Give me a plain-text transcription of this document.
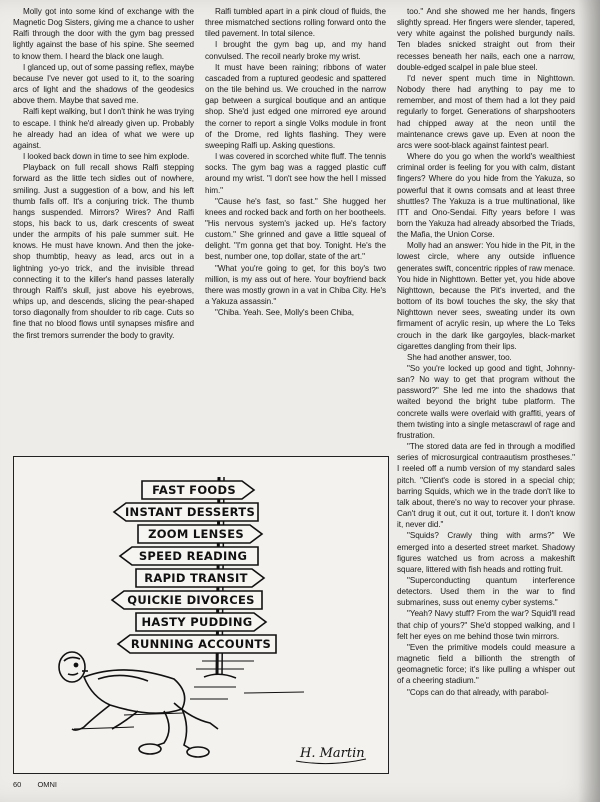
Molly got into some kind of exchange with the Magnetic Dog Sisters, giving me a chance to usher Ralfi through the door with the gym bag pressed lightly against the base of his spine. She seemed to know them. I heard the black one laugh.

I glanced up, out of some passing reflex, maybe because I've never got used to it, to the soaring arcs of light and the shadows of the geodesics above them. Maybe that saved me.

Ralfi kept walking, but I don't think he was trying to escape. I think he'd already given up. Probably he already had an idea of what we were up against.

I looked back down in time to see him explode.

Playback on full recall shows Ralfi stepping forward as the little tech sidles out of nowhere, smiling. Just a suggestion of a bow, and his left thumb falls off. It's a conjuring trick. The thumb hangs suspended. Mirrors? Wires? And Ralfi stops, his back to us, dark crescents of sweat under the armpits of his pale summer suit. He knows. He must have known. And then the joke-shop thumbtip, heavy as lead, arcs out in a lightning yo-yo trick, and the invisible thread connecting it to the killer's hand passes laterally through Ralfi's skull, just above his eyebrows, whips up, and descends, slicing the pear-shaped torso diagonally from shoulder to rib cage. Cuts so fine that no blood flows until synapses misfire and the first tremors surrender the body to gravity.

Ralfi tumbled apart in a pink cloud of fluids, the three mismatched sections rolling forward onto the tiled pavement. In total silence.

I brought the gym bag up, and my hand convulsed. The recoil nearly broke my wrist.

It must have been raining; ribbons of water cascaded from a ruptured geodesic and spattered on the tile behind us. We crouched in the narrow gap between a surgical boutique and an antique shop. She'd just edged one mirrored eye around the corner to report a single Volks module in front of the Drome, red lights flashing. They were sweeping Ralfi up. Asking questions.

I was covered in scorched white fluff. The tennis socks. The gym bag was a ragged plastic cuff around my wrist. "I don't see how the hell I missed him."

"Cause he's fast, so fast." She hugged her knees and rocked back and forth on her bootheels. "His nervous system's jacked up. He's factory custom." She grinned and gave a little squeal of delight. "I'm gonna get that boy. Tonight. He's the best, number one, top dollar, state of the art."

"What you're going to get, for this boy's two million, is my ass out of here. Your boyfriend back there was mostly grown in a vat in Chiba City. He's a Yakuza assassin."

"Chiba. Yeah. See, Molly's been Chiba,

too." And she showed me her hands, fingers slightly spread. Her fingers were slender, tapered, very white against the polished burgundy nails. Ten blades snicked straight out from their recesses beneath her nails, each one a narrow, double-edged scalpel in pale blue steel.

I'd never spent much time in Nighttown. Nobody there had anything to pay me to remember, and most of them had a lot they paid regularly to forget. Generations of sharpshooters had chipped away at the neon until the maintenance crews gave up. Even at noon the arcs were soot-black against faintest pearl.

Where do you go when the world's wealthiest criminal order is feeling for you with calm, distant fingers? Where do you hide from the Yakuza, so powerful that it owns comsats and at least three shuttles? The Yakuza is a true multinational, like ITT and Ono-Sendai. Fifty years before I was born the Yakuza had already absorbed the Triads, the Mafia, the Union Corse.

Molly had an answer: You hide in the Pit, in the lowest circle, where any outside influence generates swift, concentric ripples of raw menace. You hide in Nighttown. Better yet, you hide above Nighttown, because the Pit's inverted, and the bottom of its bowl touches the sky, the sky that Nighttown never sees, sweating under its own firmament of acrylic resin, up where the Lo Teks crouch in the dark like gargoyles, black-market cigarettes dangling from their lips.

She had another answer, too.

"So you're locked up good and tight, Johnny-san? No way to get that program without the password?" She led me into the shadows that waited beyond the bright tube platform. The concrete walls were overlaid with graffiti, years of them twisting into a single metascrawl of rage and frustration.

"The stored data are fed in through a modified series of microsurgical contraautism prostheses." I reeled off a numb version of my standard sales pitch. "Client's code is stored in a special chip; barring Squids, which we in the trade don't like to talk about, there's no way to recover your phrase. Can't drug it out, cut it out, torture it. I don't know it, never did."

"Squids? Crawly thing with arms?" We emerged into a deserted street market. Shadowy figures watched us from across a makeshift square, littered with fish heads and rotting fruit.

"Superconducting quantum interference detectors. Used them in the war to find submarines, suss out enemy cyber systems."

"Yeah? Navy stuff? From the war? Squid'll read that chip of yours?" She'd stopped walking, and I felt her eyes on me behind those twin mirrors.

"Even the primitive models could measure a magnetic field a billionth the strength of geomagnetic force; it's like pulling a whisper out of a cheering stadium."

"Cops can do that already, with parabol-

FAST FOODS
INSTANT DESSERTS
ZOOM LENSES
SPEED READING
RAPID TRANSIT
QUICKIE DIVORCES
HASTY PUDDING
RUNNING ACCOUNTS
H. Martin
60 OMNI
